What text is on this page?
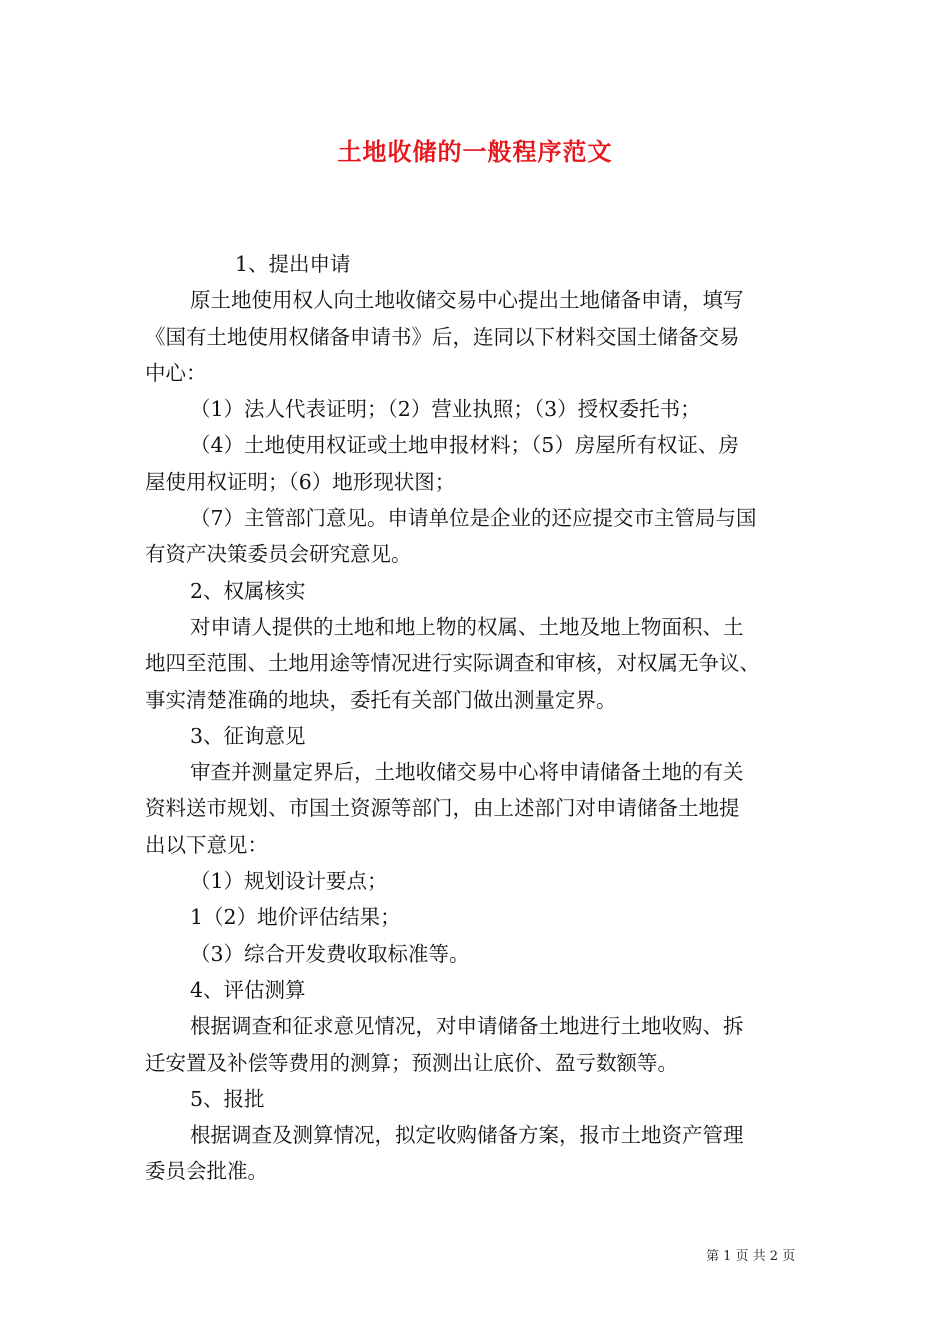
土地收储的一般程序范文
1、提出申请
原土地使用权人向土地收储交易中心提出土地储备申请，填写
《国有土地使用权储备申请书》后，连同以下材料交国土储备交易
中心：
（1）法人代表证明；（2）营业执照；（3）授权委托书；
（4）土地使用权证或土地申报材料；（5）房屋所有权证、房
屋使用权证明；（6）地形现状图；
（7）主管部门意见。申请单位是企业的还应提交市主管局与国
有资产决策委员会研究意见。
2、权属核实
对申请人提供的土地和地上物的权属、土地及地上物面积、土
地四至范围、土地用途等情况进行实际调查和审核，对权属无争议、
事实清楚准确的地块，委托有关部门做出测量定界。
3、征询意见
审查并测量定界后，土地收储交易中心将申请储备土地的有关
资料送市规划、市国土资源等部门，由上述部门对申请储备土地提
出以下意见：
（1）规划设计要点；
1（2）地价评估结果；
（3）综合开发费收取标准等。
4、评估测算
根据调查和征求意见情况，对申请储备土地进行土地收购、拆
迁安置及补偿等费用的测算；预测出让底价、盈亏数额等。
5、报批
根据调查及测算情况，拟定收购储备方案，报市土地资产管理
委员会批准。
第 1 页 共 2 页
